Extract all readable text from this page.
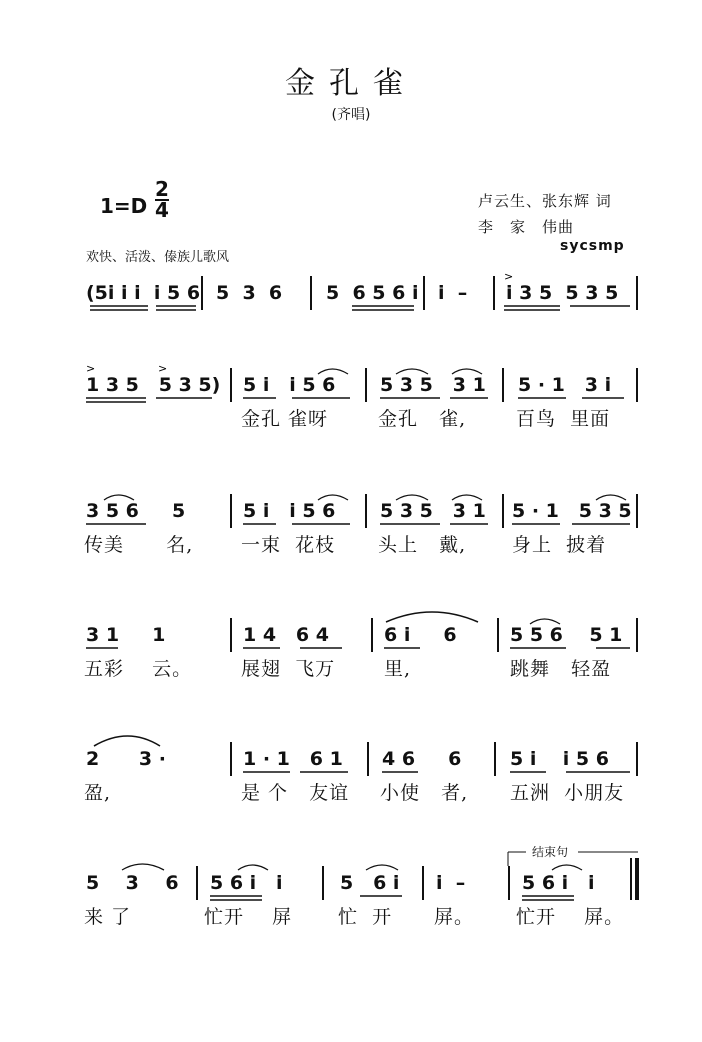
金孔雀
(齐唱)
1=D
2
4	卢云生、张东辉 词
李　家　伟曲
sycsmp
欢快、活泼、傣族儿歌风
(5i i i  i 5 6 5  3  6 5  6 5 6 i i  – i 3 5  5 3 5
1 3 5   5 3 5) 5 i   i 5 6
金孔 雀呀
5 3 5   3 1
金孔   雀,
5 · 1   3 i
百鸟  里面
3 5 6     5
传美      名,
5 i   i 5 6
一束  花枝
5 3 5   3 1
头上   戴,
5 · 1   5 3 5
身上  披着
3 1     1
五彩    云。
1 4   6 4
展翅  飞万
6 i     6
里,
5 5 6    5 1
跳舞   轻盈
2      3 ·
盈,
1 · 1   6 1
是 个   友谊
4 6     6
小使   者,
5 i    i 5 6
五洲  小朋友
5    3    6
来 了
5 6 i   i
忙开    屏
5   6 i
忙  开
i  –
屏。
5 6 i   i
忙开    屏。
结束句
>
>	>
